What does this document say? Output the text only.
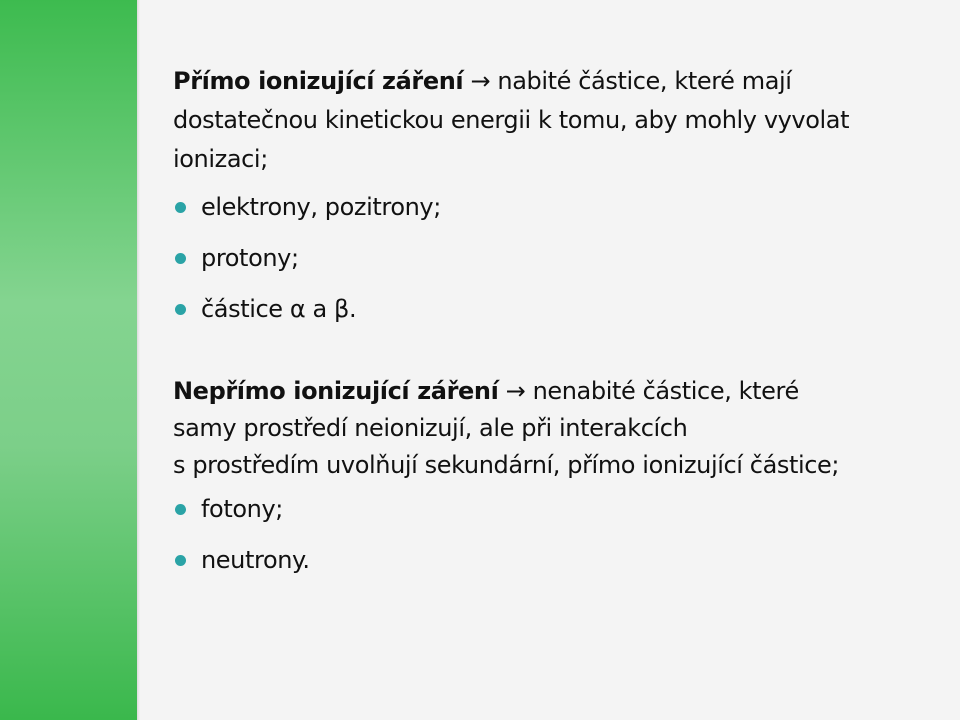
Přímo ionizující záření → nabité částice, které mají dostatečnou kinetickou energii k tomu, aby mohly vyvolat ionizaci;

elektrony, pozitrony;
protony;
částice α a β.

Nepřímo ionizující záření → nenabité částice, které
samy prostředí neionizují, ale při interakcích
s prostředím uvolňují sekundární, přímo ionizující částice;

fotony;
neutrony.
